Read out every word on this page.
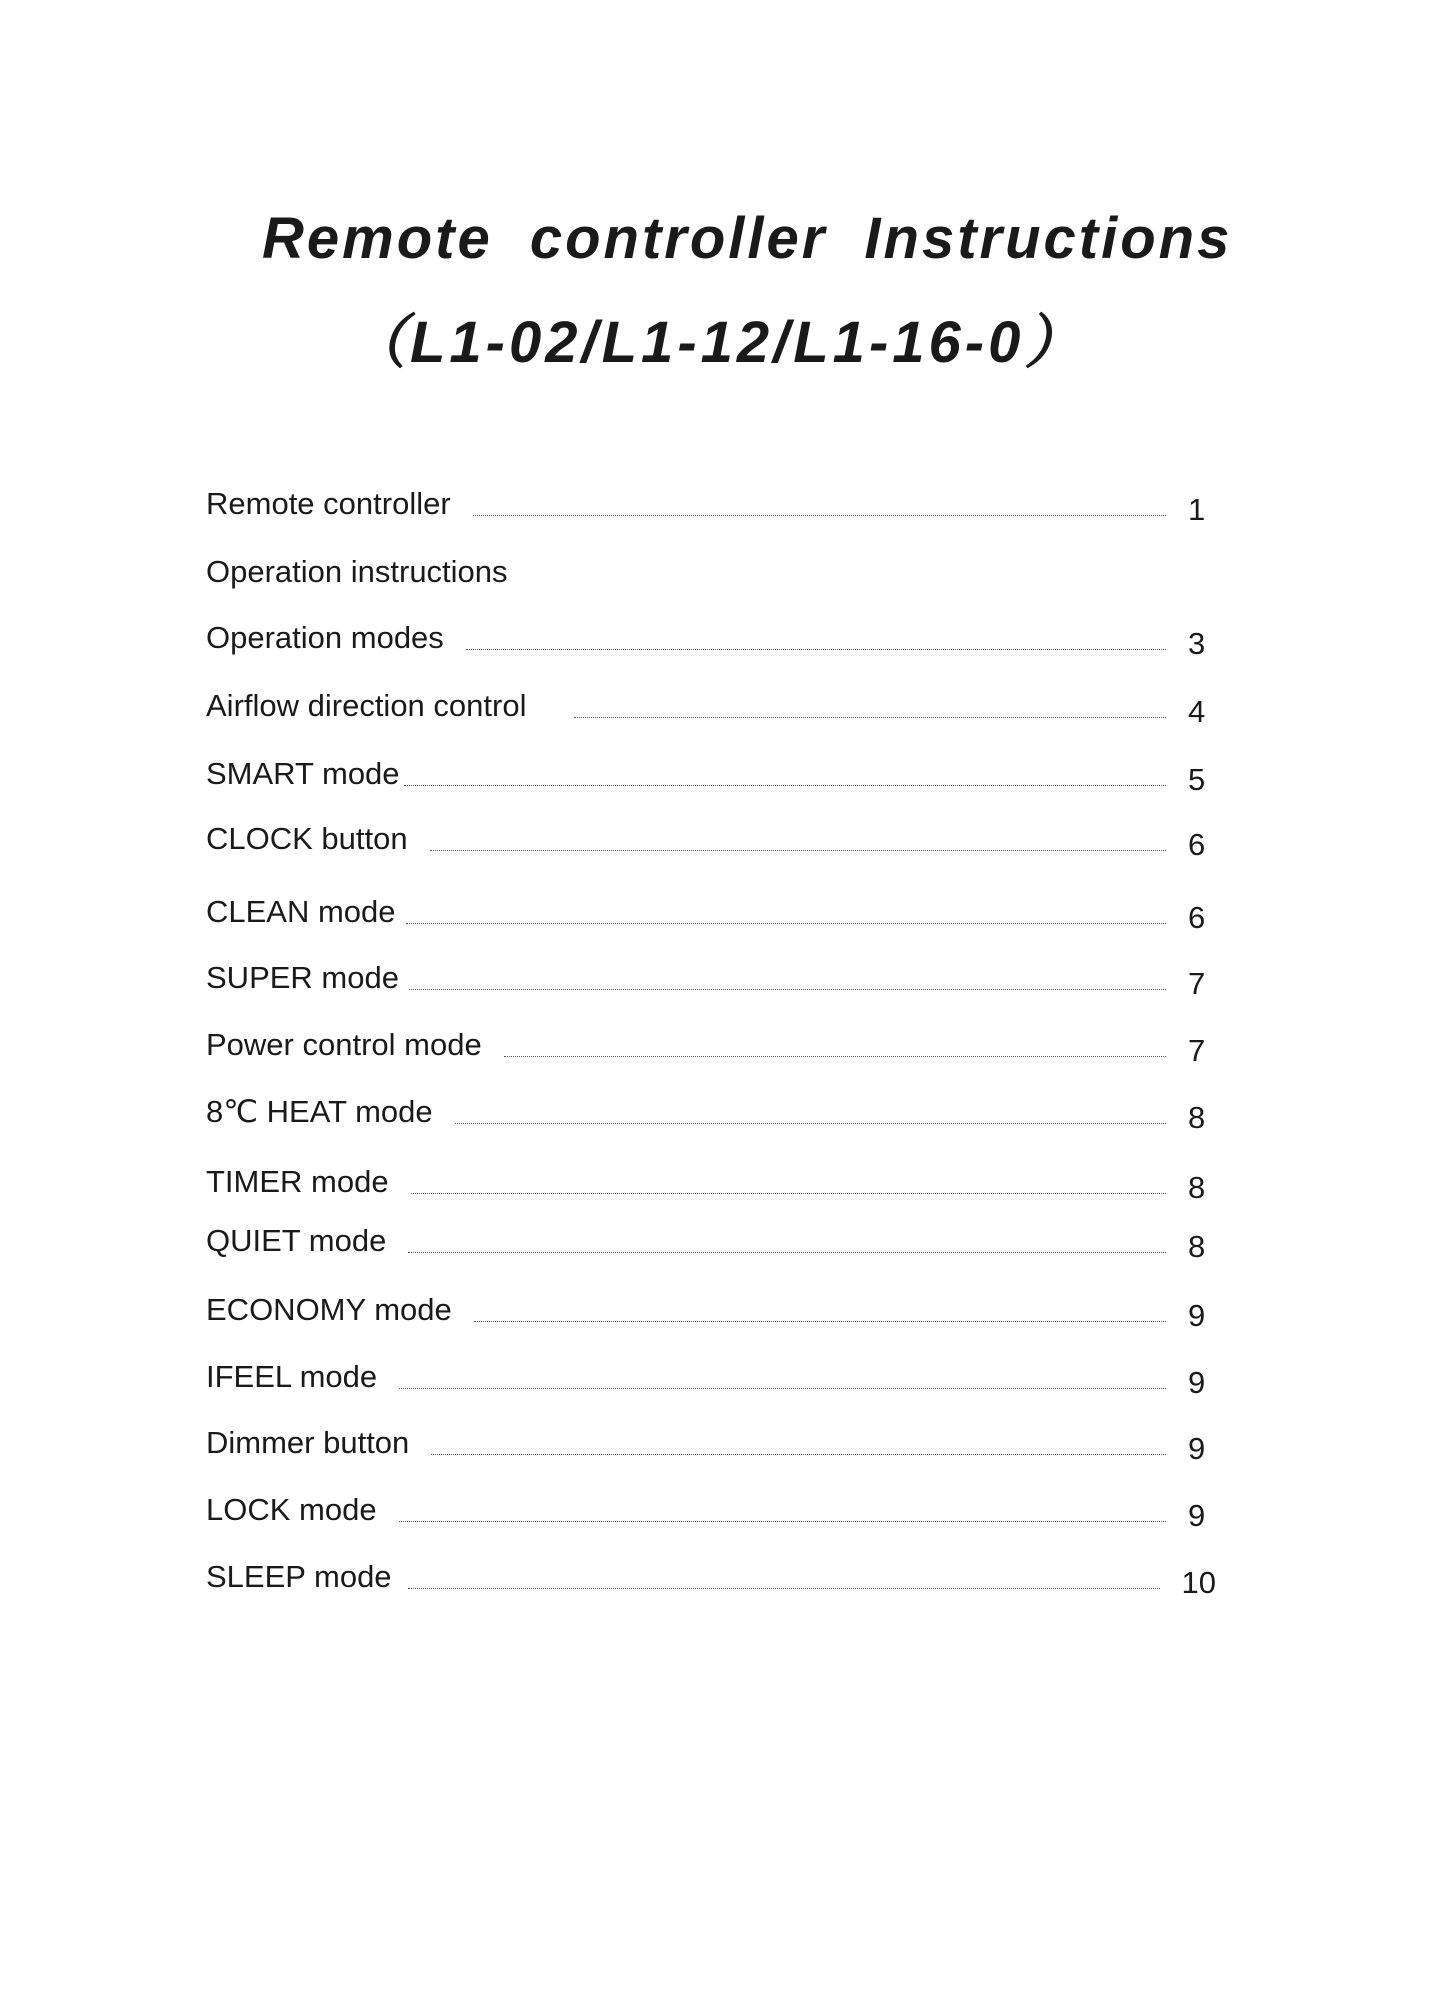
Remote controller Instructions
（L1-02/L1-12/L1-16-0）
Remote controller	1
Operation instructions
Operation modes	3
Airflow direction control	4
SMART mode	5
CLOCK button	6
CLEAN mode	6
SUPER mode	7
Power control mode	7
8℃ HEAT mode	8
TIMER mode	8
QUIET mode	8
ECONOMY mode	9
IFEEL mode	9
Dimmer button	9
LOCK mode	9
SLEEP mode	10
